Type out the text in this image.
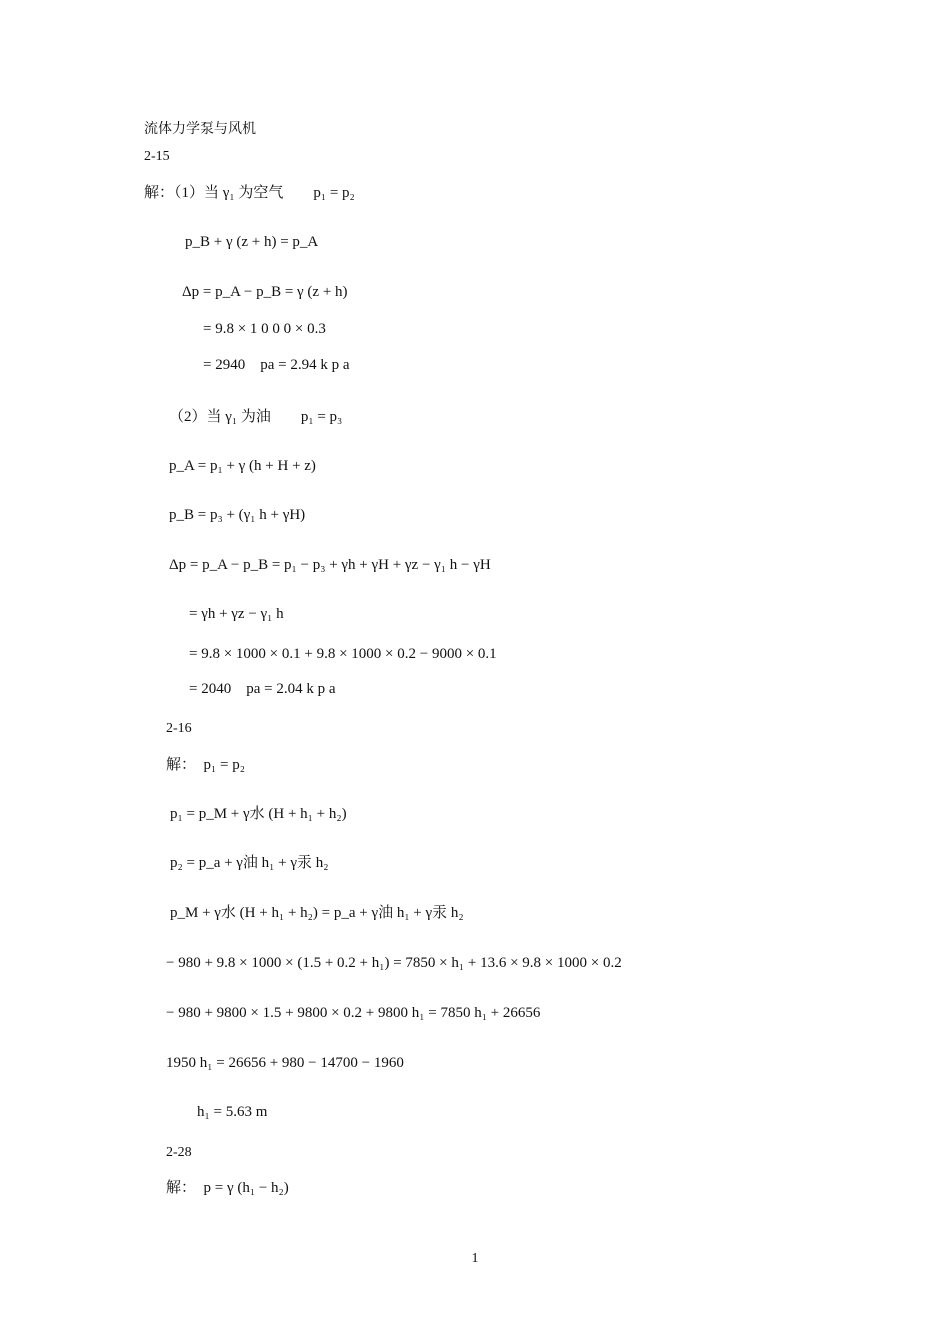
流体力学泵与风机
2-15
解：（1）当 γ₁ 为空气　　p₁ = p₂
p_B + γ (z + h) = p_A
Δp = p_A − p_B = γ (z + h)
= 9.8 × 1 0 0 0 × 0.3
= 2940　pa = 2.94 k p a
（2）当 γ₁ 为油　　p₁ = p₃
p_A = p₁ + γ (h + H + z)
p_B = p₃ + (γ₁ h + γH)
Δp = p_A − p_B = p₁ − p₃ + γh + γH + γz − γ₁ h − γH
= γh + γz − γ₁ h
= 9.8 × 1000 × 0.1 + 9.8 × 1000 × 0.2 − 9000 × 0.1
= 2040　pa = 2.04 k p a
2-16
解：　p₁ = p₂
p₁ = p_M + γ水 (H + h₁ + h₂)
p₂ = p_a + γ油 h₁ + γ汞 h₂
p_M + γ水 (H + h₁ + h₂) = p_a + γ油 h₁ + γ汞 h₂
− 980 + 9.8 × 1000 × (1.5 + 0.2 + h₁) = 7850 × h₁ + 13.6 × 9.8 × 1000 × 0.2
− 980 + 9800 × 1.5 + 9800 × 0.2 + 9800 h₁ = 7850 h₁ + 26656
1950 h₁ = 26656 + 980 − 14700 − 1960
h₁ = 5.63 m
2-28
解：　p = γ (h₁ − h₂)
1
